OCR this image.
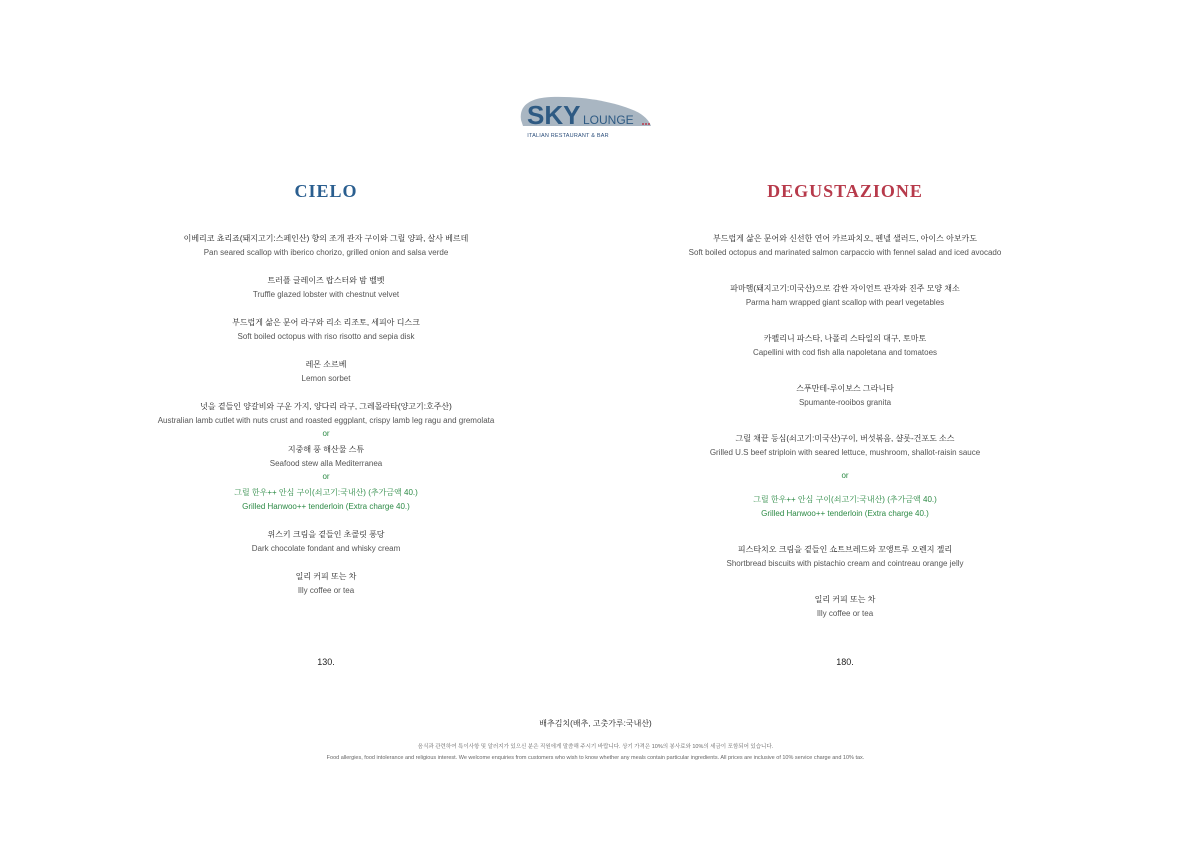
SKY LOUNGE
ITALIAN RESTAURANT & BAR
CIELO
이베리코 쵸리죠(돼지고기:스페인산) 향의 조개 관자 구이와 그릴 양파, 살사 베르데
Pan seared scallop with iberico chorizo, grilled onion and salsa verde
트러플 글레이즈 랍스터와 밤 벨벳
Truffle glazed lobster with chestnut velvet
부드럽게 삶은 문어 라구와 리소 리조토, 세피아 디스크
Soft boiled octopus with riso risotto and sepia disk
레몬 소르베
Lemon sorbet
넛을 곁들인 양갈비와 구운 가지, 양다리 라구, 그레몰라타(양고기:호주산)
Australian lamb cutlet with nuts crust and roasted eggplant, crispy lamb leg ragu and gremolata
or
지중해 풍 해산물 스튜
Seafood stew alla Mediterranea
or
그릴 한우++ 안심 구이(쇠고기:국내산) (추가금액 40.)
Grilled Hanwoo++ tenderloin (Extra charge 40.)
위스키 크림을 곁들인 초콜릿 퐁당
Dark chocolate fondant and whisky cream
일리 커피 또는 차
Illy coffee or tea
DEGUSTAZIONE
부드럽게 삶은 문어와 신선한 연어 카르파치오, 펜넬 샐러드, 아이스 아보카도
Soft boiled octopus and marinated salmon carpaccio with fennel salad and iced avocado
파마햄(돼지고기:미국산)으로 감싼 자이언트 관자와 진주 모양 채소
Parma ham wrapped giant scallop with pearl vegetables
카펠리니 파스타, 나폴리 스타일의 대구, 토마토
Capellini with cod fish alla napoletana and tomatoes
스푸만테-루이보스 그라니타
Spumante-rooibos granita
그릴 채끝 등심(쇠고기:미국산)구이, 버섯볶음, 샬롯-건포도 소스
Grilled U.S beef striploin with seared lettuce, mushroom, shallot-raisin sauce
or
그릴 한우++ 안심 구이(쇠고기:국내산) (추가금액 40.)
Grilled Hanwoo++ tenderloin (Extra charge 40.)
피스타치오 크림을 곁들인 쇼트브레드와 꼬앵트루 오렌지 젤리
Shortbread biscuits with pistachio cream and cointreau orange jelly
일리 커피 또는 차
Illy coffee or tea
130.	180.
배추김치(배추, 고춧가루:국내산)
음식과 관련하여 특이사항 및 알러지가 있으신 분은 직원에게 말씀해 주시기 바랍니다. 상기 가격은 10%의 봉사료와 10%의 세금이 포함되어 있습니다.
Food allergies, food intolerance and religious interest. We welcome enquiries from customers who wish to know whether any meals contain particular ingredients. All prices are inclusive of 10% service charge and 10% tax.
